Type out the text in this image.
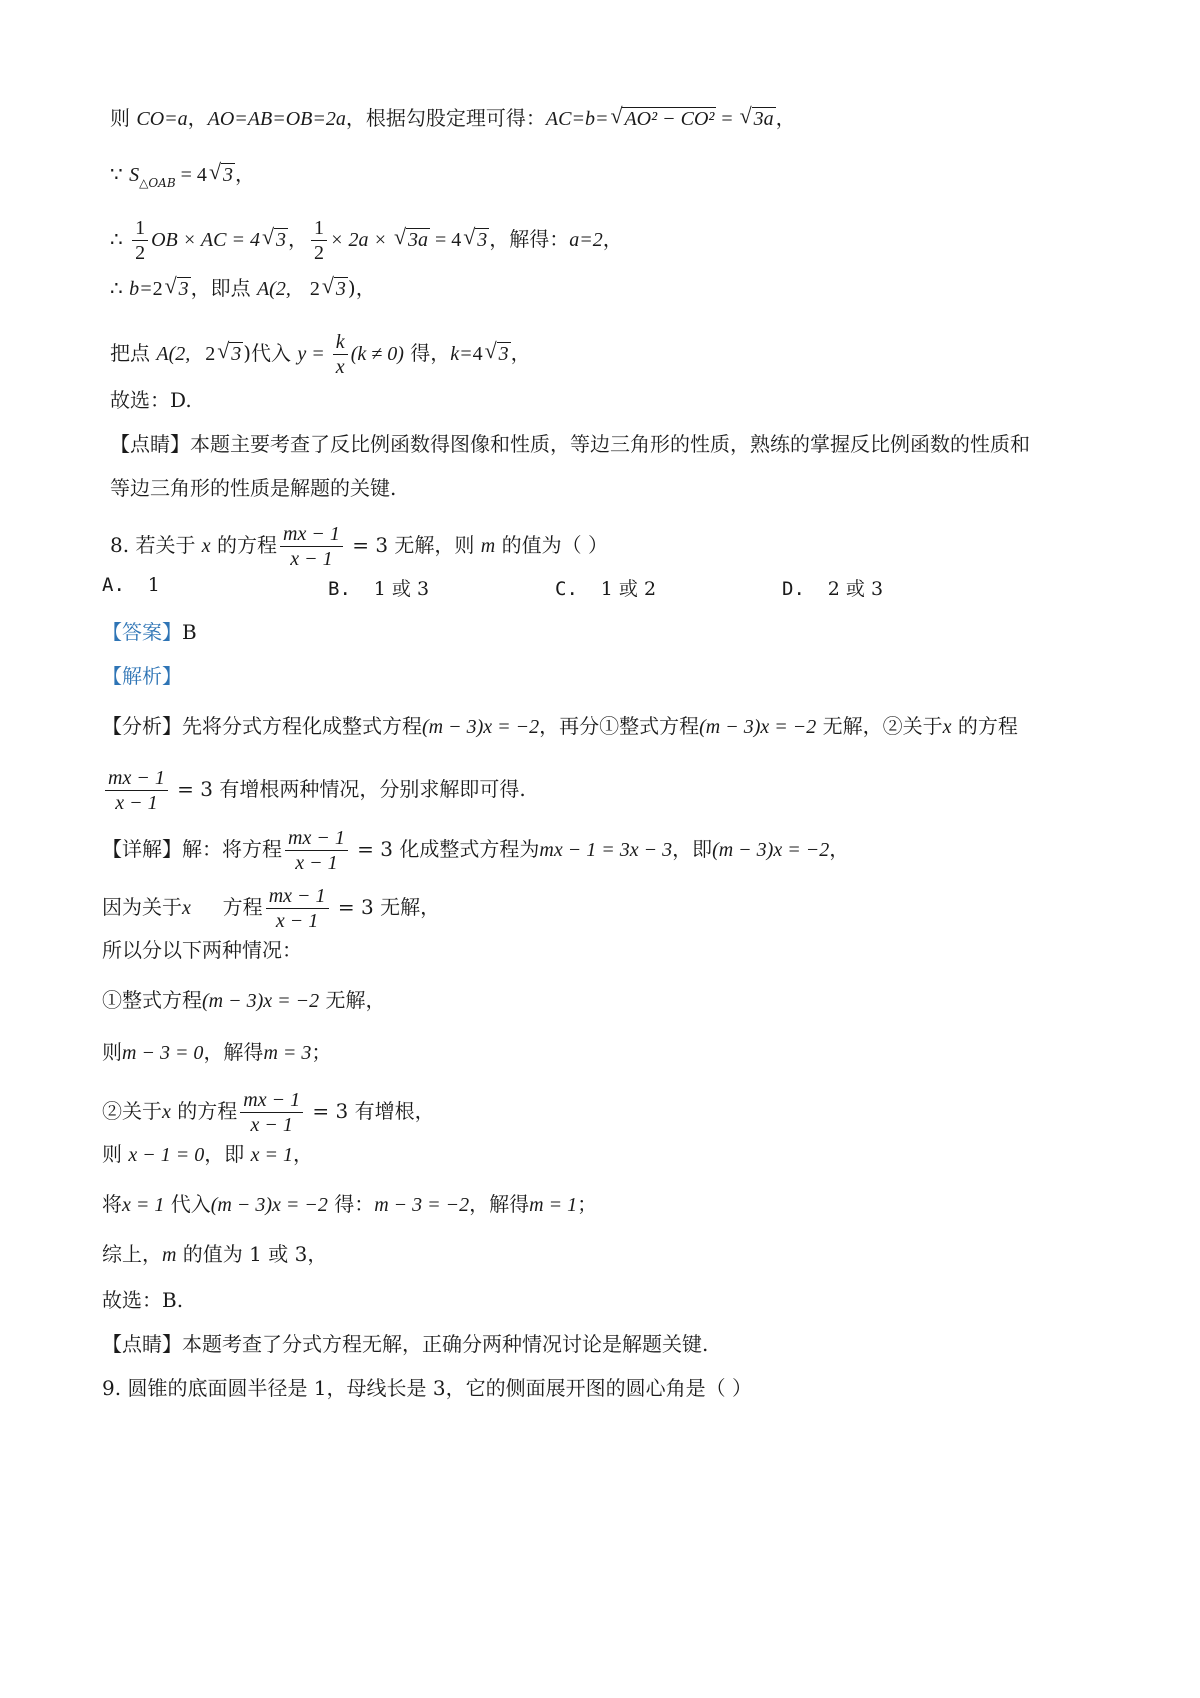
则 CO=a，AO=AB=OB=2a，根据勾股定理可得：AC=b= √ AO² − CO² = √ 3a ，
∵ $S_{\triangle OAB} = 4$ √ 3 ，
∴ $\frac{1}{2}$ OB × AC = 4 √ 3 ， $\frac{1}{2} \times 2a$ × √ 3a = 4 √ 3 ，解得：a=2，
∴ b=2 √ 3 ，即点 A(2, 2 √ 3 )，
把点 A(2,   2 √ 3 )代入 $y = \frac{k}{x} (k \ne 0)$ 得，k=4 √ 3 ，
故选：D.
【点睛】本题主要考查了反比例函数得图像和性质，等边三角形的性质，熟练的掌握反比例函数的性质和
等边三角形的性质是解题的关键.
8. 若关于 x 的方程 $\frac{mx - 1}{x - 1} = 3$ 无解，则 m 的值为（ ）
A. 1	B. 1 或 3	C. 1 或 2	D. 2 或 3
【答案】B
【解析】
【分析】先将分式方程化成整式方程(m − 3)x = −2，再分①整式方程(m − 3)x = −2 无解，②关于x 的方程
$\frac{mx - 1}{x - 1} = 3$ 有增根两种情况，分别求解即可得.
【详解】解：将方程 $\frac{mx - 1}{x - 1} = 3$ 化成整式方程为mx − 1 = 3x − 3，即(m − 3)x = −2，
因为关于x     方程 $\frac{mx - 1}{x - 1} = 3$ 无解，
所以分以下两种情况：
①整式方程(m − 3)x = −2 无解，
则m − 3 = 0，解得m = 3；
②关于x 的方程 $\frac{mx - 1}{x - 1} = 3$ 有增根，
则 x − 1 = 0，即 x = 1，
将x = 1 代入(m − 3)x = −2 得：m − 3 = −2，解得m = 1；
综上，m 的值为 1 或 3，
故选：B.
【点睛】本题考查了分式方程无解，正确分两种情况讨论是解题关键.
9. 圆锥的底面圆半径是 1，母线长是 3，它的侧面展开图的圆心角是（ ）
